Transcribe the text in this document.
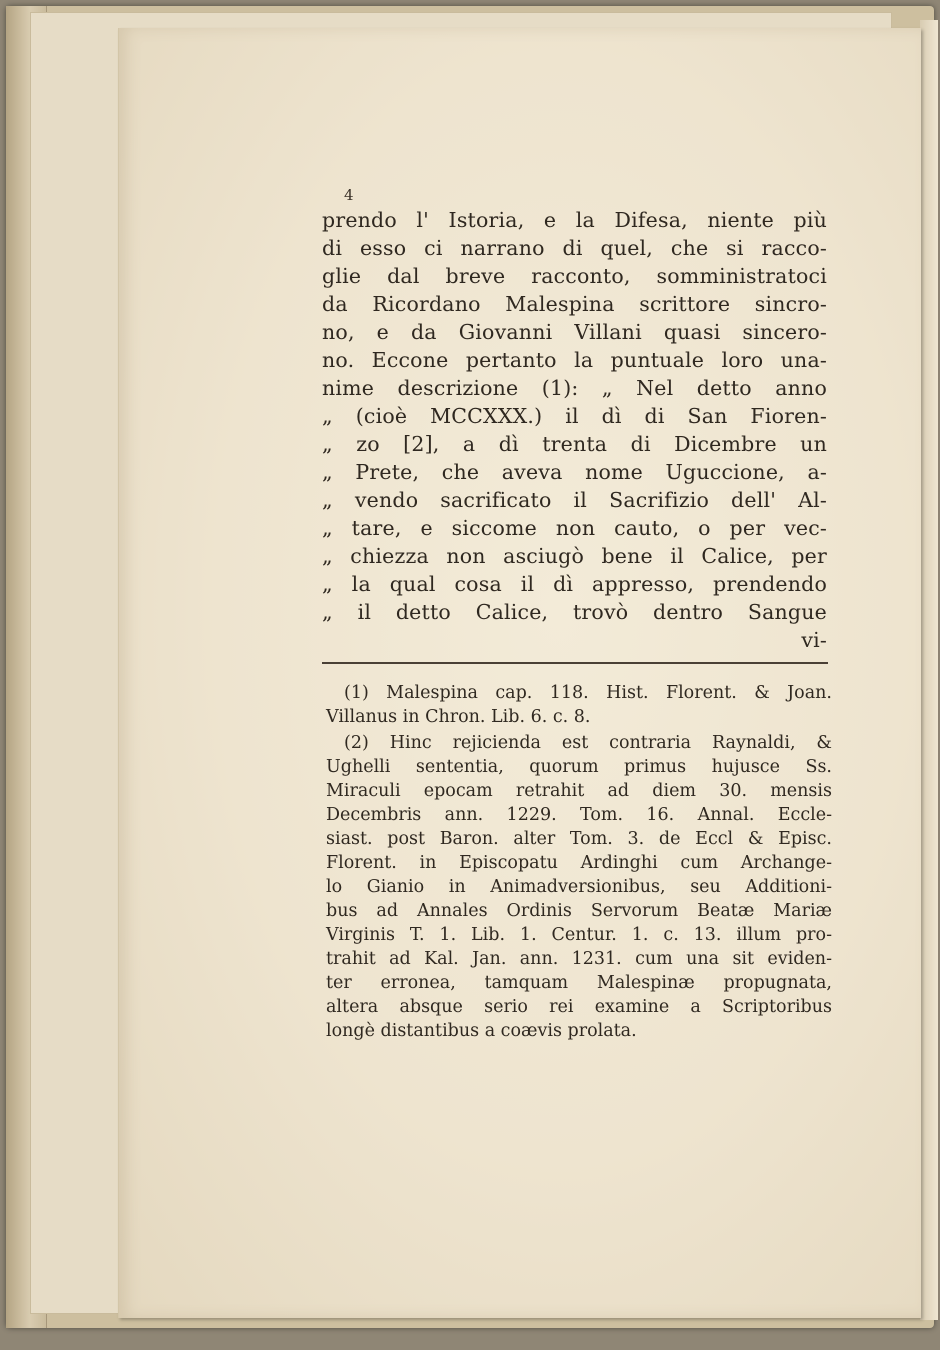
4
prendo l' Istoria, e la Difesa, niente più
di esso ci narrano di quel, che si racco-
glie dal breve racconto, somministratoci
da Ricordano Malespina scrittore sincro-
no, e da Giovanni Villani quasi sincero-
no. Eccone pertanto la puntuale loro una-
nime descrizione (1): „ Nel detto anno
„ (cioè MCCXXX.) il dì di San Fioren-
„ zo [2], a dì trenta di Dicembre un
„ Prete, che aveva nome Uguccione, a-
„ vendo sacrificato il Sacrifizio dell' Al-
„ tare, e siccome non cauto, o per vec-
„ chiezza non asciugò bene il Calice, per
„ la qual cosa il dì appresso, prendendo
„ il detto Calice, trovò dentro Sangue
vi-
(1) Malespina cap. 118. Hist. Florent. & Joan.
Villanus in Chron. Lib. 6. c. 8.
(2) Hinc rejicienda est contraria Raynaldi, &
Ughelli sententia, quorum primus hujusce Ss.
Miraculi epocam retrahit ad diem 30. mensis
Decembris ann. 1229. Tom. 16. Annal. Eccle-
siast. post Baron. alter Tom. 3. de Eccl & Episc.
Florent. in Episcopatu Ardinghi cum Archange-
lo Gianio in Animadversionibus, seu Additioni-
bus ad Annales Ordinis Servorum Beatæ Mariæ
Virginis T. 1. Lib. 1. Centur. 1. c. 13. illum pro-
trahit ad Kal. Jan. ann. 1231. cum una sit eviden-
ter erronea, tamquam Malespinæ propugnata,
altera absque serio rei examine a Scriptoribus
longè distantibus a coævis prolata.
